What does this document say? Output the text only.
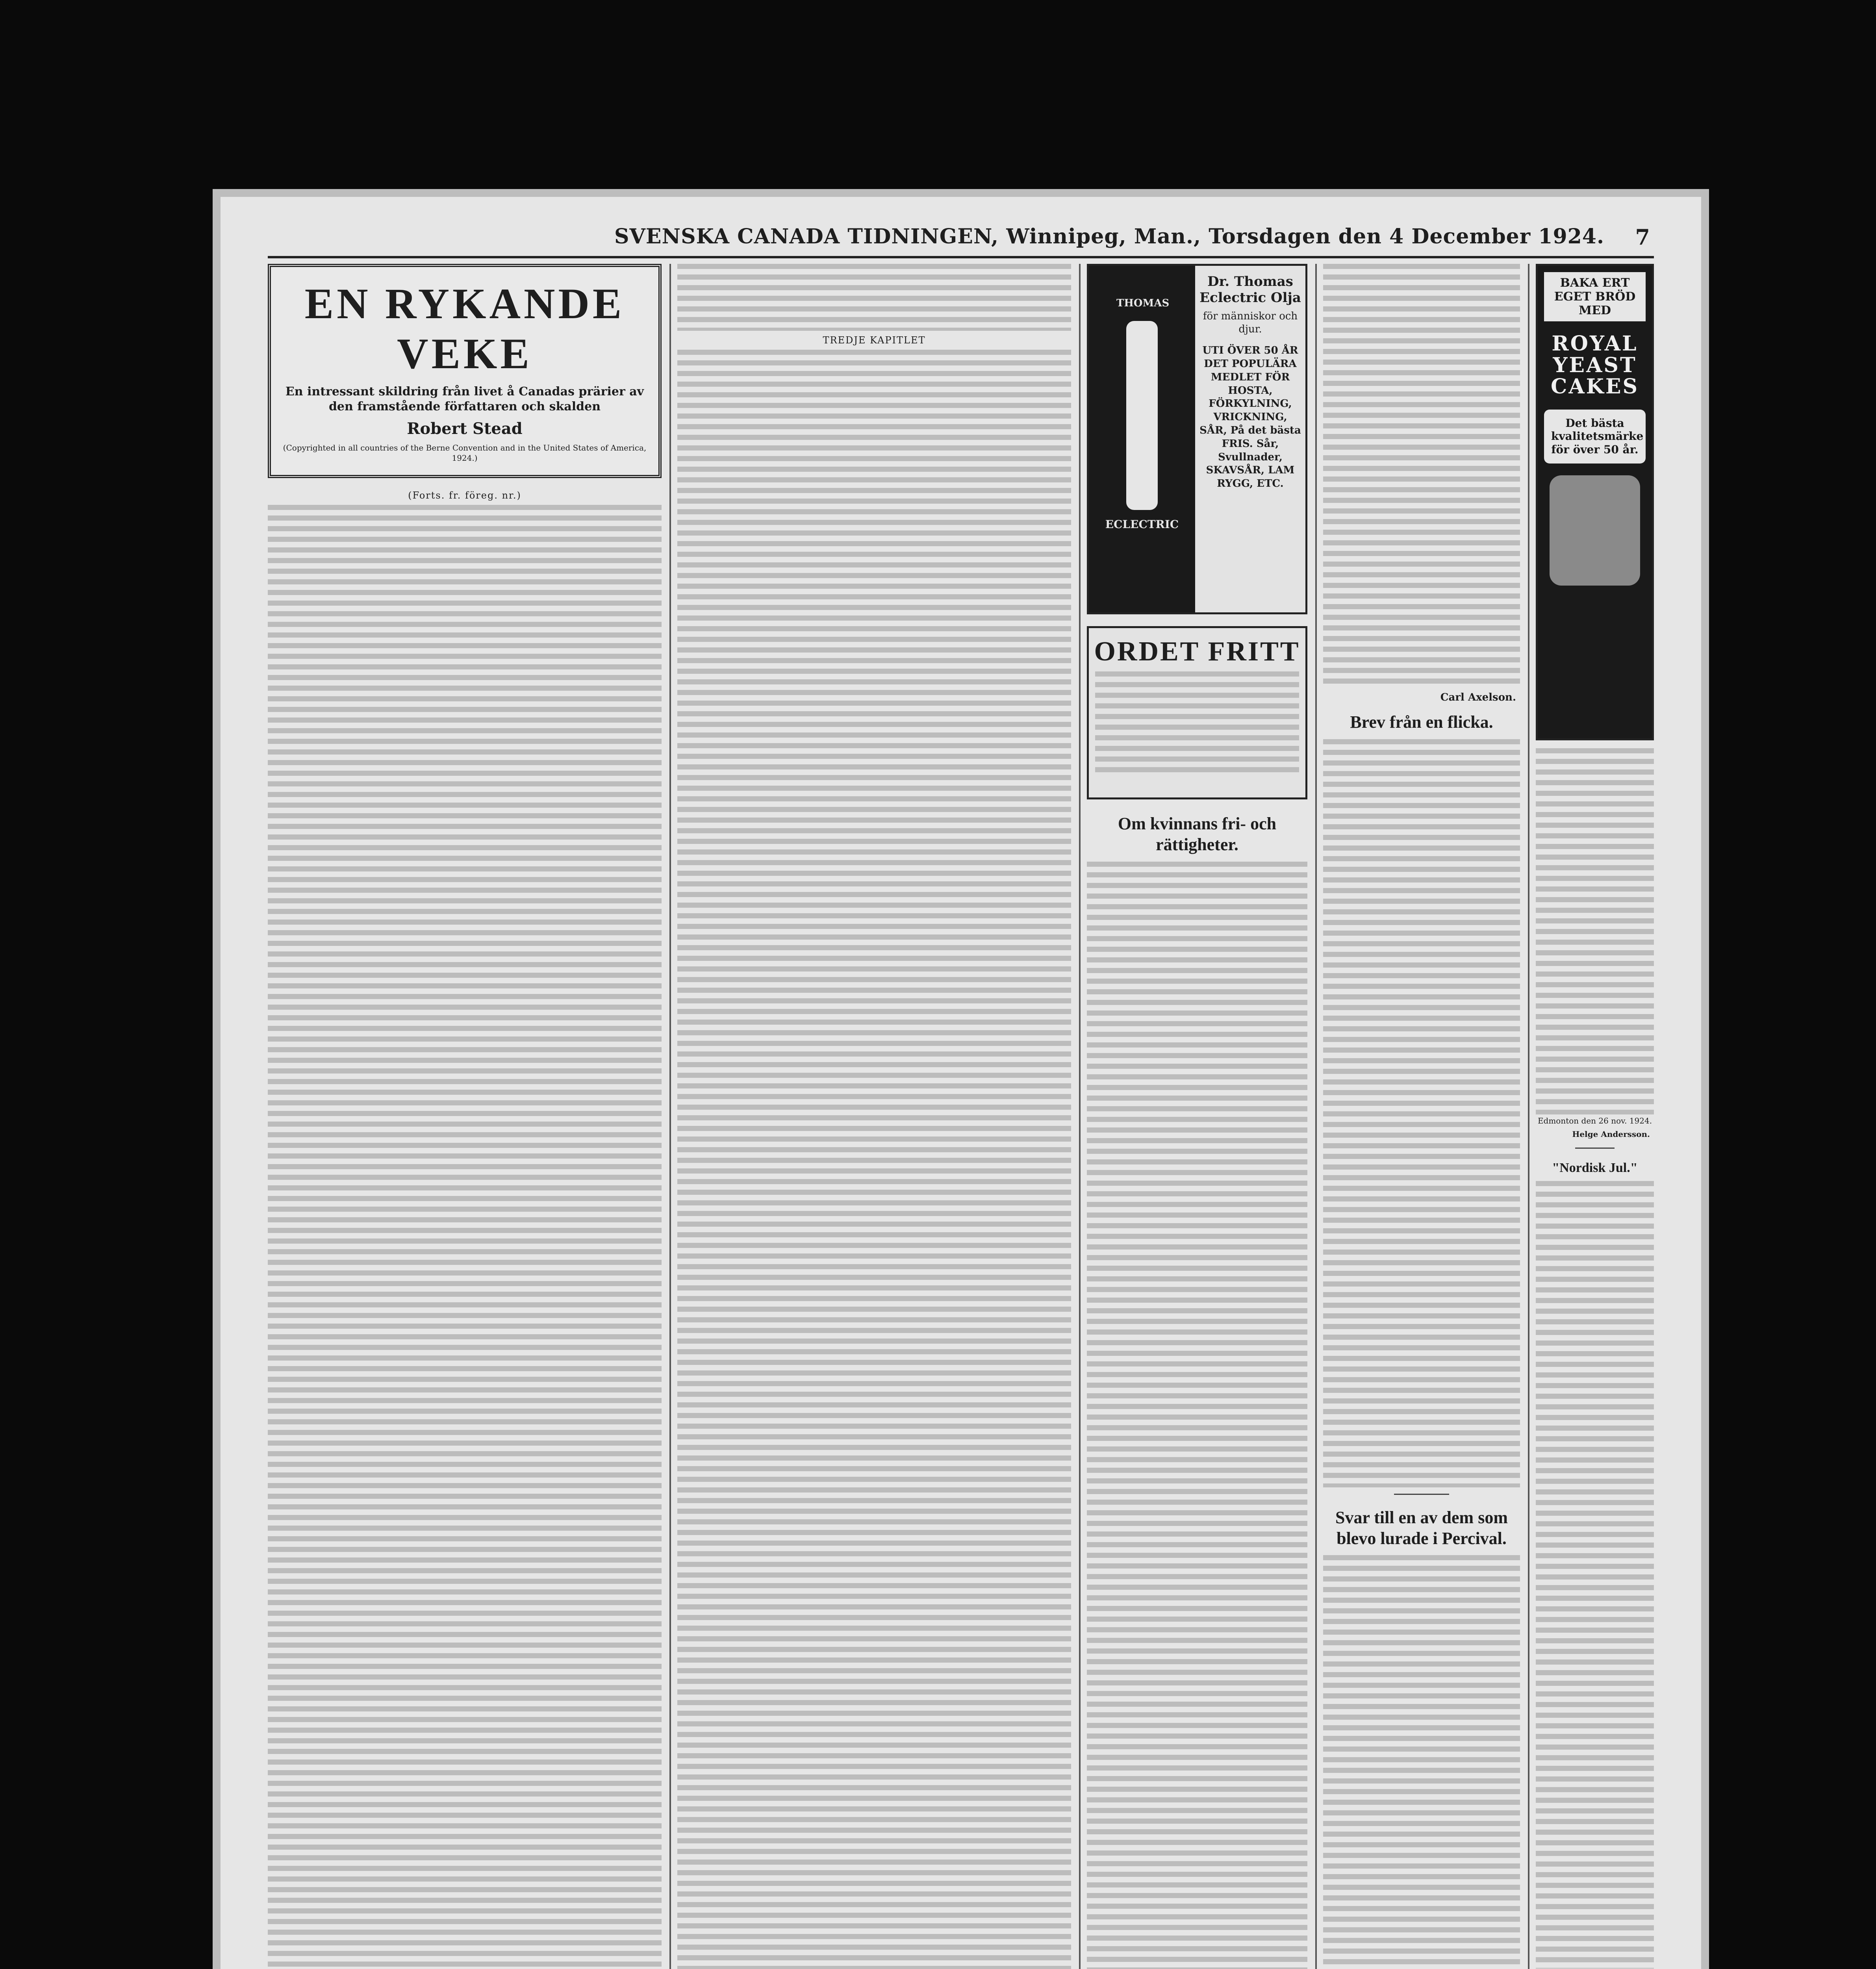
SVENSKA CANADA TIDNINGEN, Winnipeg, Man., Torsdagen den 4 December 1924. 7
EN RYKANDE VEKE
En intressant skildring från livet å Canadas prärier av den framstående författaren och skalden
Robert Stead
(Copyrighted in all countries of the Berne Convention and in the United States of America, 1924.)
(Forts. fr. föreg. nr.)
TREDJE KAPITLET
THOMAS
ECLECTRIC
Dr. Thomas Eclectric Olja
för människor och djur.
UTI ÖVER 50 ÅR DET POPULÄRA MEDLET FÖR HOSTA, FÖRKYLNING, VRICKNING, SÅR, På det bästa FRIS. Sår, Svullnader, SKAVSÅR, LAM RYGG, ETC.
ORDET FRITT
Om kvinnans fri- och rättigheter.
Carl Axelson.
Brev från en flicka.
Svar till en av dem som blevo lurade i Percival.
BAKA ERT EGET BRÖD MED
ROYAL YEAST CAKES
Det bästa kvalitetsmärke för över 50 år.
Edmonton den 26 nov. 1924.
Helge Andersson.
"Nordisk Jul."
